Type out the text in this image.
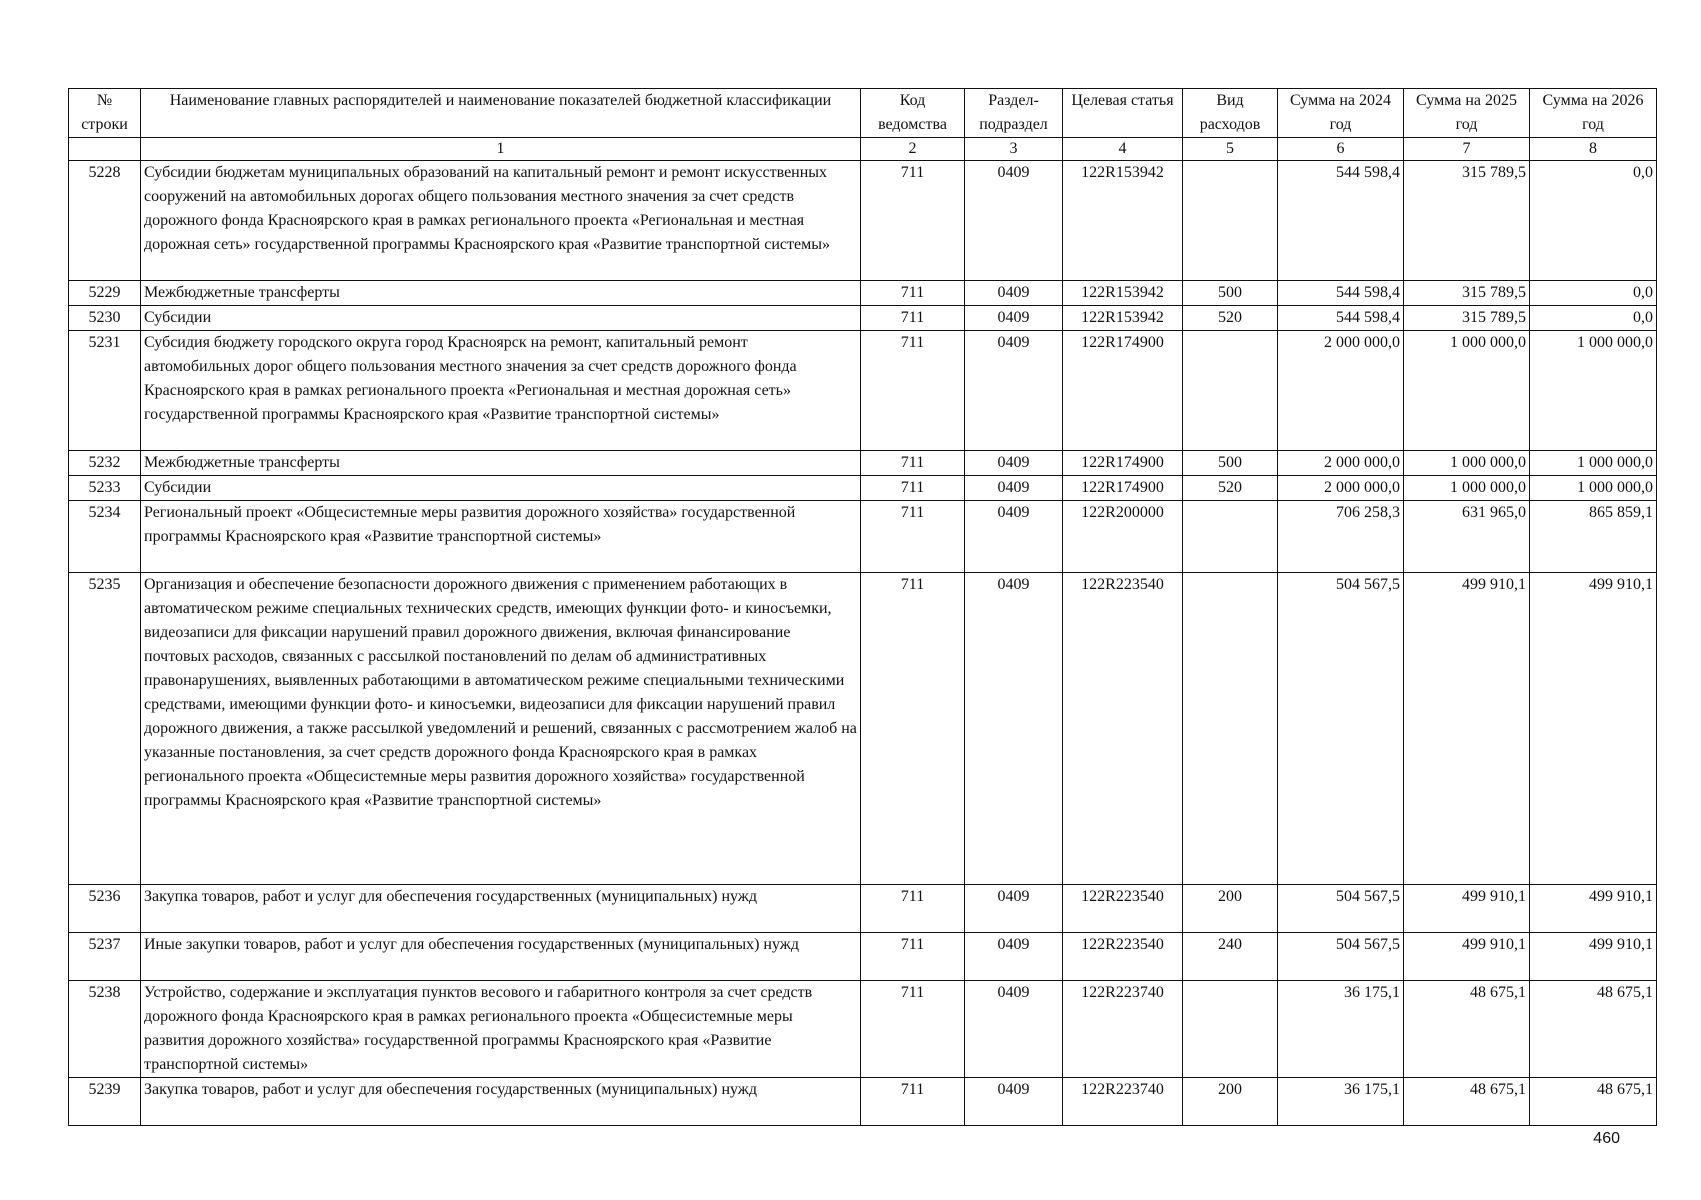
№ строки	Наименование главных распорядителей и наименование показателей бюджетной классификации	Код ведомства	Раздел-подраздел	Целевая статья	Вид расходов	Сумма на 2024 год	Сумма на 2025 год	Сумма на 2026 год
	1	2	3	4	5	6	7	8
5228	Субсидии бюджетам муниципальных образований на капитальный ремонт и ремонт искусственных сооружений на автомобильных дорогах общего пользования местного значения за счет средств дорожного фонда Красноярского края в рамках регионального проекта «Региональная и местная дорожная сеть» государственной программы Красноярского края «Развитие транспортной системы»	711	0409	122R153942		544 598,4	315 789,5	0,0
5229	Межбюджетные трансферты	711	0409	122R153942	500	544 598,4	315 789,5	0,0
5230	Субсидии	711	0409	122R153942	520	544 598,4	315 789,5	0,0
5231	Субсидия бюджету городского округа город Красноярск на ремонт, капитальный ремонт автомобильных дорог общего пользования местного значения за счет средств дорожного фонда Красноярского края в рамках регионального проекта «Региональная и местная дорожная сеть» государственной программы Красноярского края «Развитие транспортной системы»	711	0409	122R174900		2 000 000,0	1 000 000,0	1 000 000,0
5232	Межбюджетные трансферты	711	0409	122R174900	500	2 000 000,0	1 000 000,0	1 000 000,0
5233	Субсидии	711	0409	122R174900	520	2 000 000,0	1 000 000,0	1 000 000,0
5234	Региональный проект «Общесистемные меры развития дорожного хозяйства» государственной программы Красноярского края «Развитие транспортной системы»	711	0409	122R200000		706 258,3	631 965,0	865 859,1
5235	Организация и обеспечение безопасности дорожного движения с применением работающих в автоматическом режиме специальных технических средств, имеющих функции фото- и киносъемки, видеозаписи для фиксации нарушений правил дорожного движения, включая финансирование почтовых расходов, связанных с рассылкой постановлений по делам об административных правонарушениях, выявленных работающими в автоматическом режиме специальными техническими средствами, имеющими функции фото- и киносъемки, видеозаписи для фиксации нарушений правил дорожного движения, а также рассылкой уведомлений и решений, связанных с рассмотрением жалоб на указанные постановления, за счет средств дорожного фонда Красноярского края в рамках регионального проекта «Общесистемные меры развития дорожного хозяйства» государственной программы Красноярского края «Развитие транспортной системы»	711	0409	122R223540		504 567,5	499 910,1	499 910,1
5236	Закупка товаров, работ и услуг для обеспечения государственных (муниципальных) нужд	711	0409	122R223540	200	504 567,5	499 910,1	499 910,1
5237	Иные закупки товаров, работ и услуг для обеспечения государственных (муниципальных) нужд	711	0409	122R223540	240	504 567,5	499 910,1	499 910,1
5238	Устройство, содержание и эксплуатация пунктов весового и габаритного контроля за счет средств дорожного фонда Красноярского края в рамках регионального проекта «Общесистемные меры развития дорожного хозяйства» государственной программы Красноярского края «Развитие транспортной системы»	711	0409	122R223740		36 175,1	48 675,1	48 675,1
5239	Закупка товаров, работ и услуг для обеспечения государственных (муниципальных) нужд	711	0409	122R223740	200	36 175,1	48 675,1	48 675,1
460
